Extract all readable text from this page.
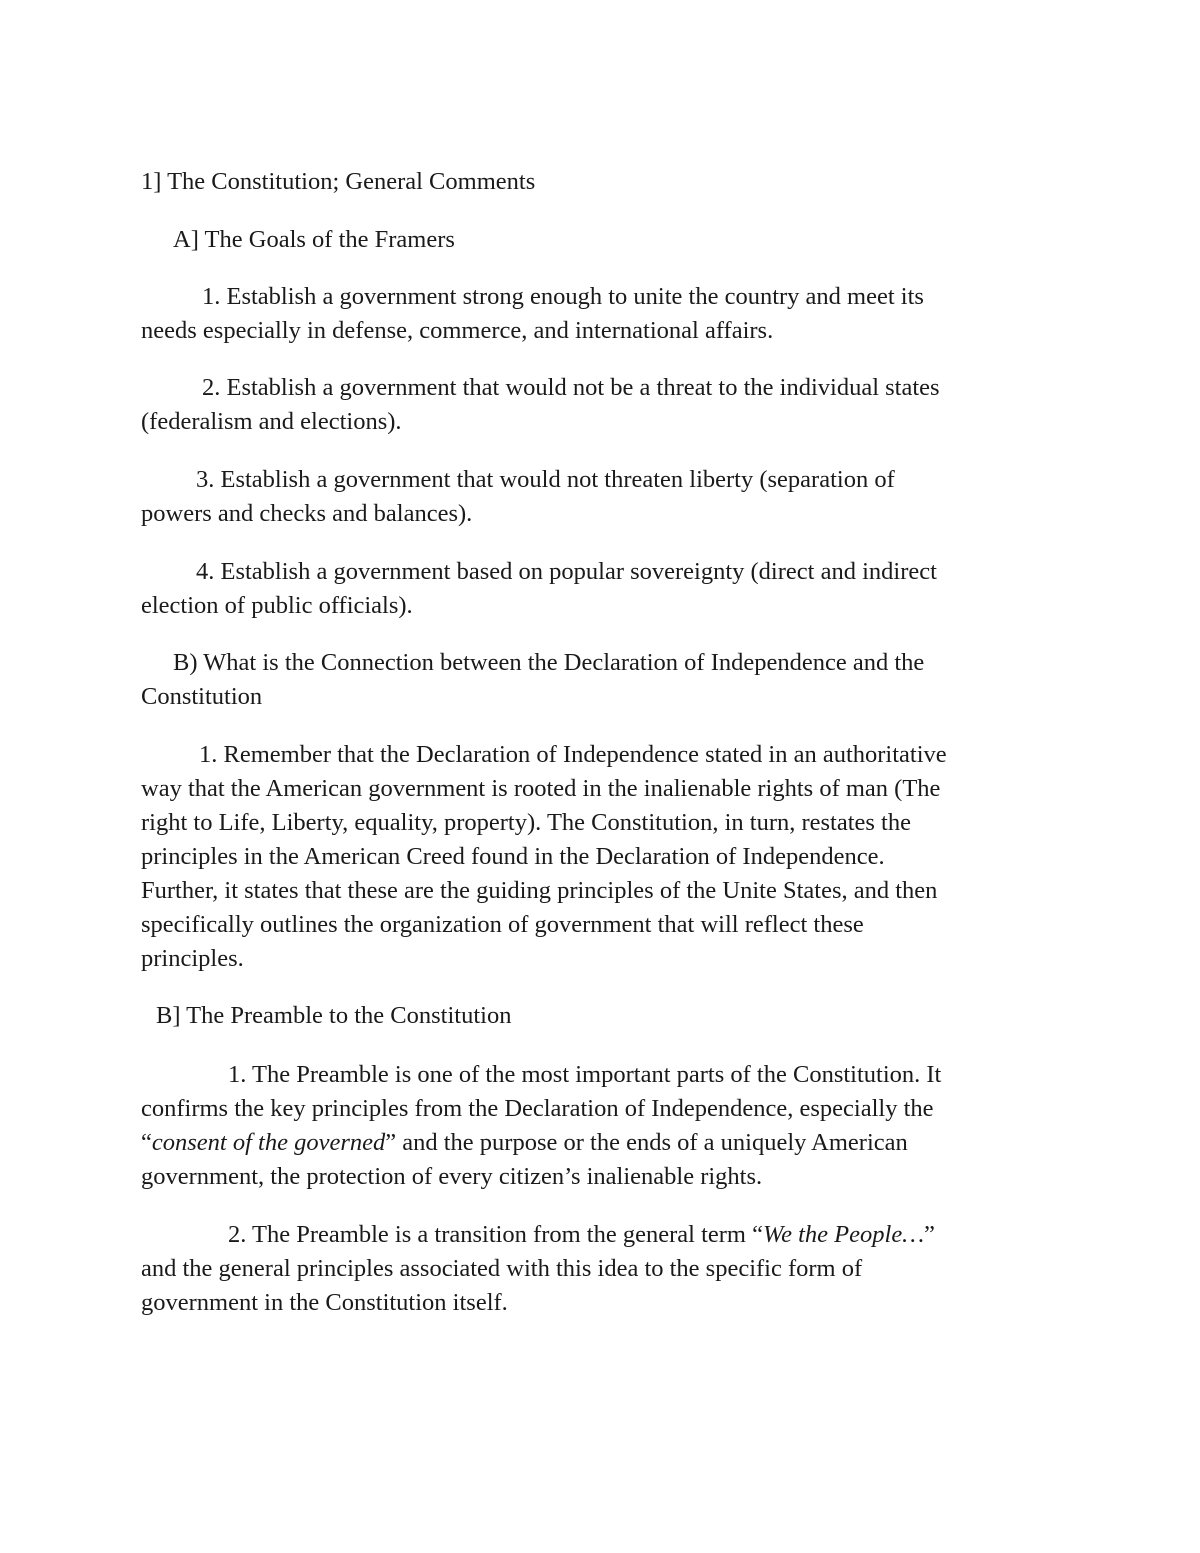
1] The Constitution; General Comments

A] The Goals of the Framers

1. Establish a government strong enough to unite the country and meet its
needs especially in defense, commerce, and international affairs.

2. Establish a government that would not be a threat to the individual states
(federalism and elections).

3. Establish a government that would not threaten liberty (separation of
powers and checks and balances).

4. Establish a government based on popular sovereignty (direct and indirect
election of public officials).

B) What is the Connection between the Declaration of Independence and the
Constitution

1. Remember that the Declaration of Independence stated in an authoritative
way that the American government is rooted in the inalienable rights of man (The
right to Life, Liberty, equality, property). The Constitution, in turn, restates the
principles in the American Creed found in the Declaration of Independence.
Further, it states that these are the guiding principles of the Unite States, and then
specifically outlines the organization of government that will reflect these
principles.

B] The Preamble to the Constitution

1. The Preamble is one of the most important parts of the Constitution. It
confirms the key principles from the Declaration of Independence, especially the
“consent of the governed” and the purpose or the ends of a uniquely American
government, the protection of every citizen’s inalienable rights.

2. The Preamble is a transition from the general term “We the People…”
and the general principles associated with this idea to the specific form of
government in the Constitution itself.
